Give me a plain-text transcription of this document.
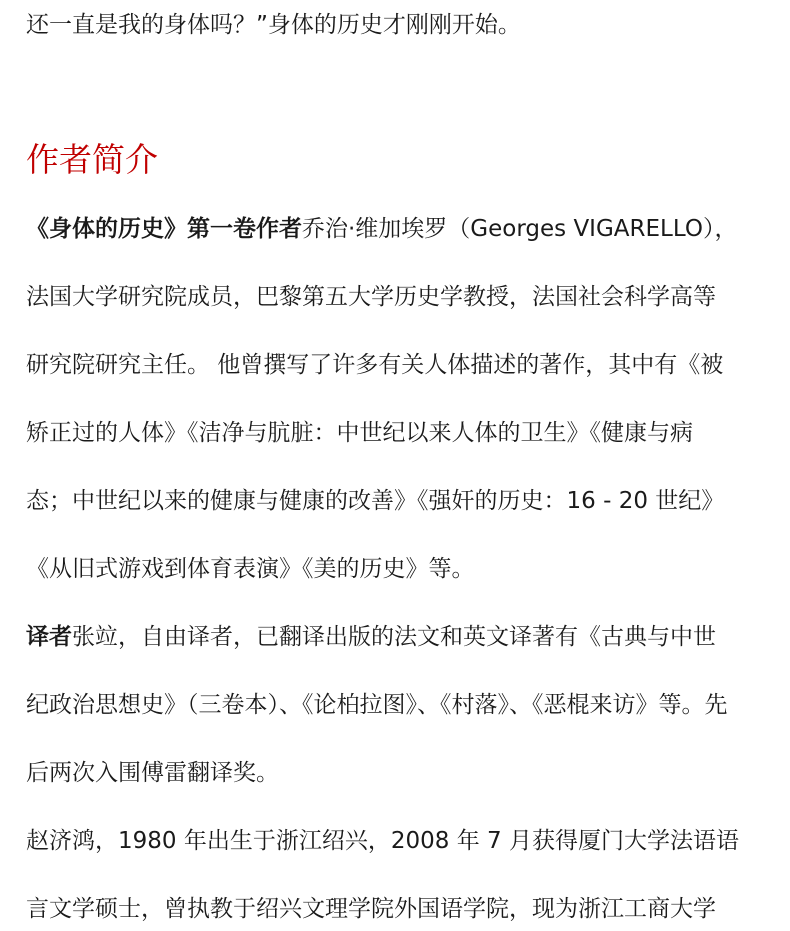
还一直是我的身体吗？”身体的历史才刚刚开始。
作者简介
《身体的历史》第一卷作者乔治·维加埃罗（Georges VIGARELLO），
法国大学研究院成员，巴黎第五大学历史学教授，法国社会科学高等
研究院研究主任。 他曾撰写了许多有关人体描述的著作，其中有《被
矫正过的人体》《洁净与肮脏：中世纪以来人体的卫生》《健康与病
态；中世纪以来的健康与健康的改善》《强奸的历史：16 - 20 世纪》
《从旧式游戏到体育表演》《美的历史》等。
译者张竝，自由译者，已翻译出版的法文和英文译著有《古典与中世
纪政治思想史》（三卷本）、《论柏拉图》、《村落》、《恶棍来访》等。先
后两次入围傅雷翻译奖。
赵济鸿，1980 年出生于浙江绍兴，2008 年 7 月获得厦门大学法语语
言文学硕士，曾执教于绍兴文理学院外国语学院，现为浙江工商大学
